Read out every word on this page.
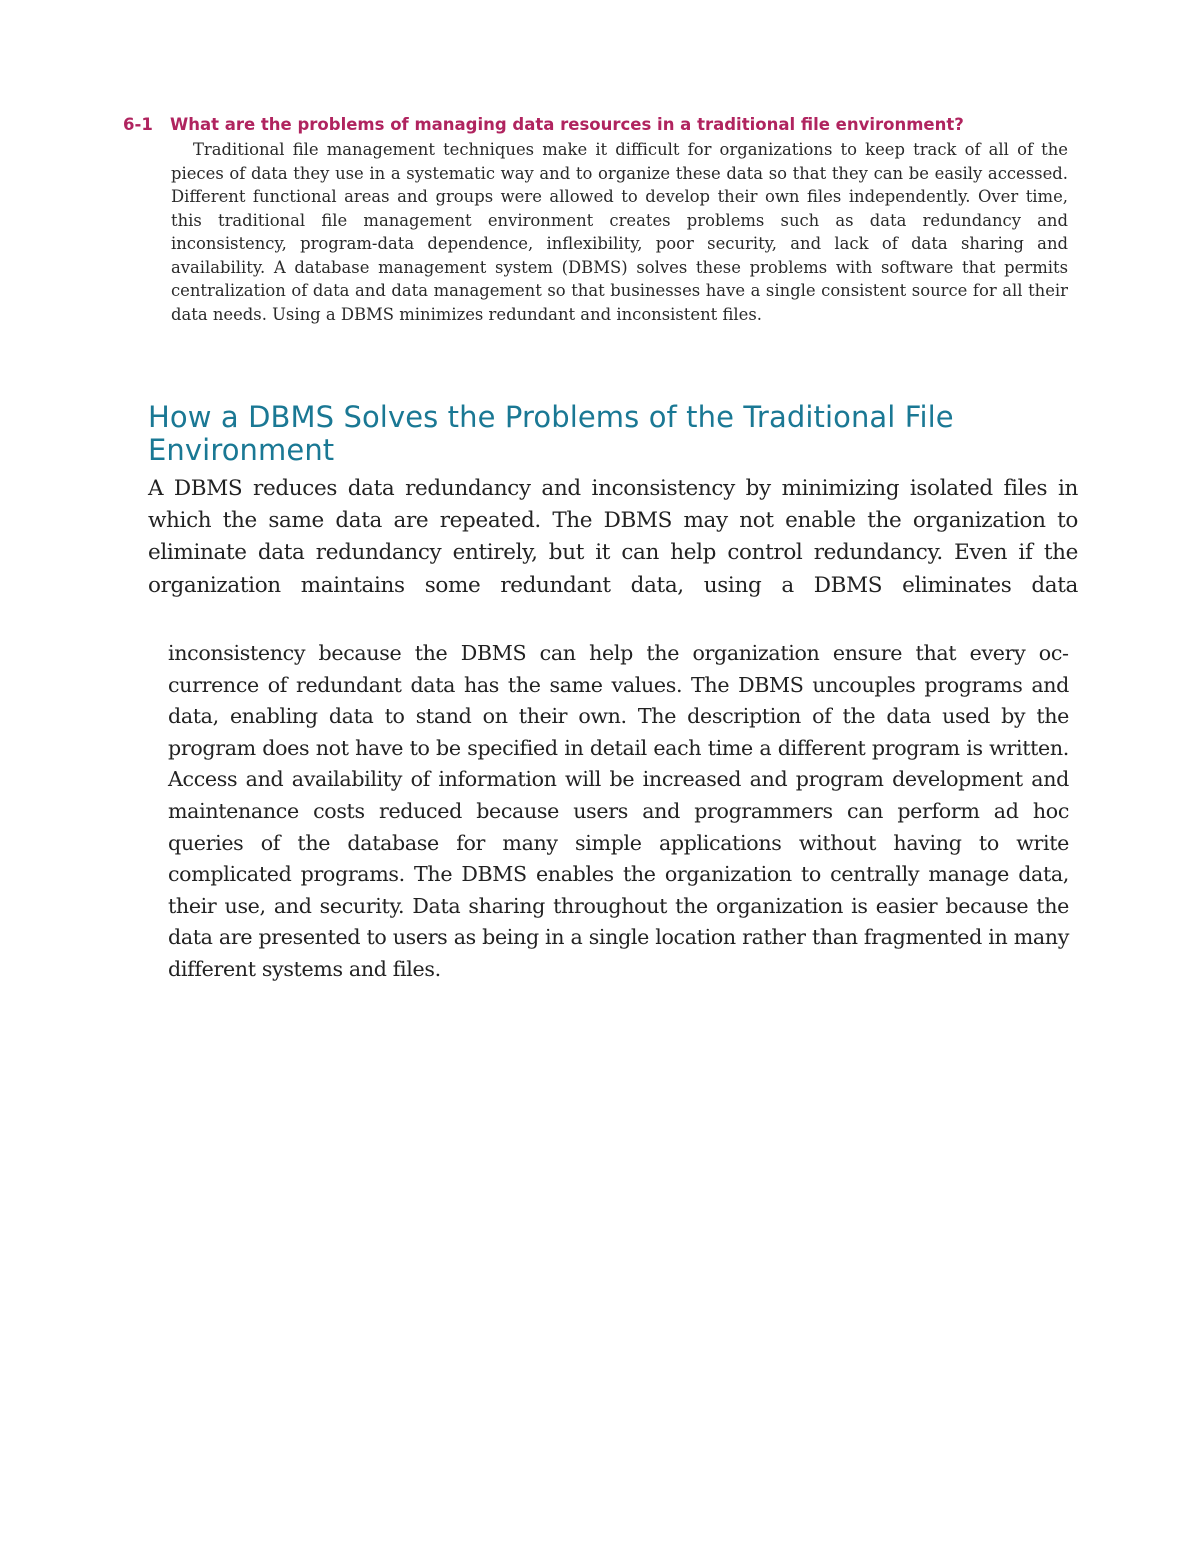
6-1	What are the problems of managing data resources in a traditional file environment?
Traditional file management techniques make it difficult for organizations to keep track of all of the pieces of data they use in a systematic way and to organize these data so that they can be easily accessed. Different functional areas and groups were allowed to develop their own files independently. Over time, this traditional file management environment creates problems such as data redundancy and inconsistency, program-data dependence, inflexibility, poor security, and lack of data sharing and availability. A database management system (DBMS) solves these problems with software that permits centralization of data and data management so that businesses have a single consistent source for all their data needs. Using a DBMS minimizes redundant and inconsistent files.
How a DBMS Solves the Problems of the Traditional File Environment

A DBMS reduces data redundancy and inconsistency by minimizing isolated files in which the same data are repeated. The DBMS may not enable the organization to eliminate data redundancy entirely, but it can help control redundancy. Even if the organization maintains some redundant data, using a DBMS eliminates data

inconsistency because the DBMS can help the organization ensure that every occurrence of redundant data has the same values. The DBMS uncouples programs and data, enabling data to stand on their own. The description of the data used by the program does not have to be specified in detail each time a different program is written. Access and availability of information will be increased and program development and maintenance costs reduced because users and programmers can perform ad hoc queries of the database for many simple applications without having to write complicated programs. The DBMS enables the organization to centrally manage data, their use, and security. Data sharing throughout the organization is easier because the data are presented to users as being in a single location rather than fragmented in many different systems and files.
